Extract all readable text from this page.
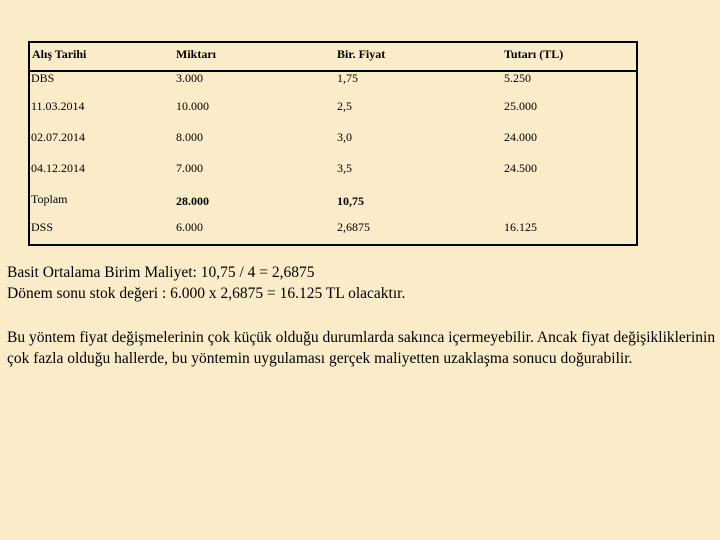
Alış Tarihi	Miktarı	Bir. Fiyat	Tutarı (TL)
DBS	3.000	1,75	5.250
11.03.2014	10.000	2,5	25.000
02.07.2014	8.000	3,0	24.000
04.12.2014	7.000	3,5	24.500
Toplam	28.000	10,75
DSS	6.000	2,6875	16.125
Basit Ortalama Birim Maliyet: 10,75 / 4 = 2,6875
Dönem sonu stok değeri : 6.000 x 2,6875 = 16.125 TL olacaktır.
Bu yöntem fiyat değişmelerinin çok küçük olduğu durumlarda sakınca içermeyebilir. Ancak fiyat değişikliklerinin çok fazla olduğu hallerde, bu yöntemin uygulaması gerçek maliyetten uzaklaşma sonucu doğurabilir.
